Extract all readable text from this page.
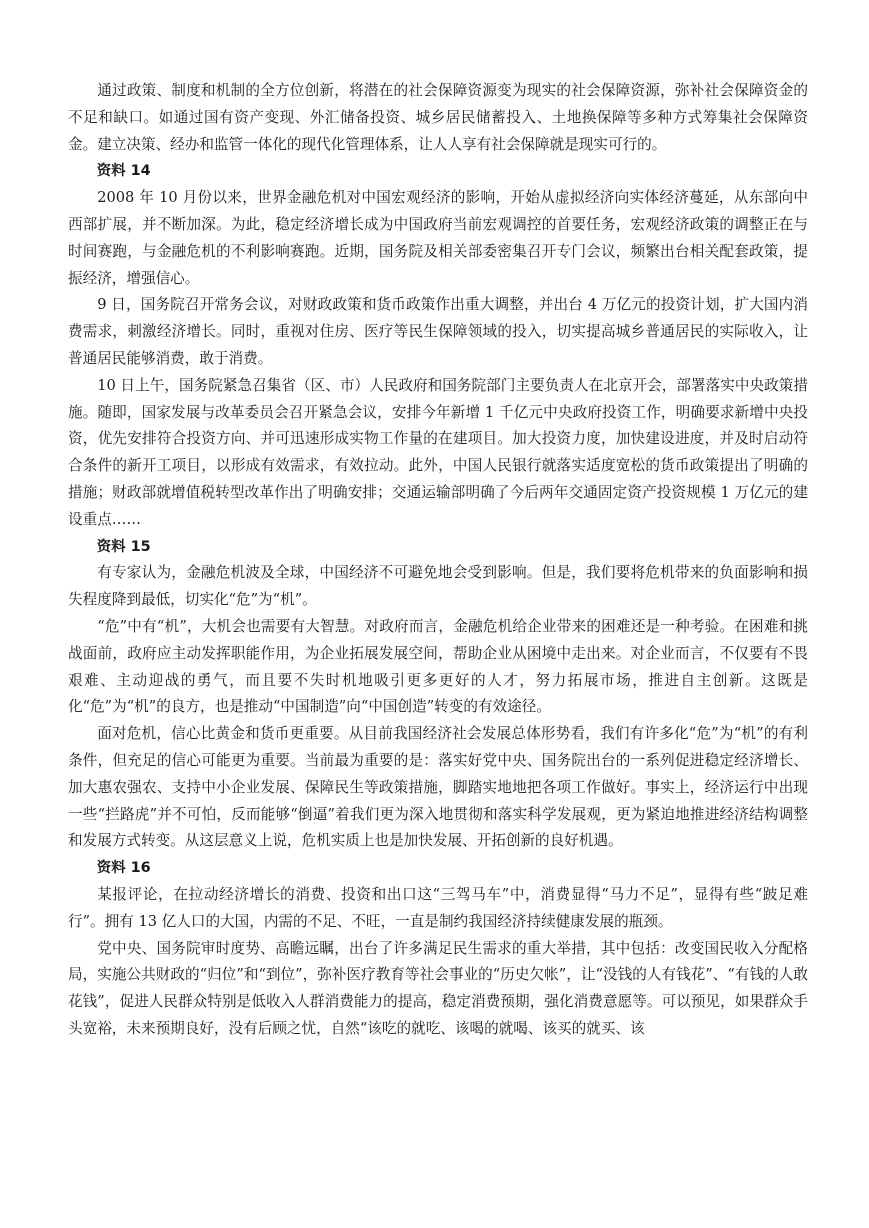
通过政策、制度和机制的全方位创新，将潜在的社会保障资源变为现实的社会保障资源，弥补社会保障资金的不足和缺口。如通过国有资产变现、外汇储备投资、城乡居民储蓄投入、土地换保障等多种方式筹集社会保障资金。建立决策、经办和监管一体化的现代化管理体系，让人人享有社会保障就是现实可行的。

资料 14

2008 年 10 月份以来，世界金融危机对中国宏观经济的影响，开始从虚拟经济向实体经济蔓延，从东部向中西部扩展，并不断加深。为此，稳定经济增长成为中国政府当前宏观调控的首要任务，宏观经济政策的调整正在与时间赛跑，与金融危机的不利影响赛跑。近期，国务院及相关部委密集召开专门会议，频繁出台相关配套政策，提振经济，增强信心。

9 日，国务院召开常务会议，对财政政策和货币政策作出重大调整，并出台 4 万亿元的投资计划，扩大国内消费需求，刺激经济增长。同时，重视对住房、医疗等民生保障领域的投入，切实提高城乡普通居民的实际收入，让普通居民能够消费，敢于消费。

10 日上午，国务院紧急召集省（区、市）人民政府和国务院部门主要负责人在北京开会，部署落实中央政策措施。随即，国家发展与改革委员会召开紧急会议，安排今年新增 1 千亿元中央政府投资工作，明确要求新增中央投资，优先安排符合投资方向、并可迅速形成实物工作量的在建项目。加大投资力度，加快建设进度，并及时启动符合条件的新开工项目，以形成有效需求，有效拉动。此外，中国人民银行就落实适度宽松的货币政策提出了明确的措施；财政部就增值税转型改革作出了明确安排；交通运输部明确了今后两年交通固定资产投资规模 1 万亿元的建设重点……

资料 15

有专家认为，金融危机波及全球，中国经济不可避免地会受到影响。但是，我们要将危机带来的负面影响和损失程度降到最低，切实化“危”为“机”。

“危”中有“机”，大机会也需要有大智慧。对政府而言，金融危机给企业带来的困难还是一种考验。在困难和挑战面前，政府应主动发挥职能作用，为企业拓展发展空间，帮助企业从困境中走出来。对企业而言，不仅要有不畏艰难、主动迎战的勇气，而且要不失时机地吸引更多更好的人才，努力拓展市场，推进自主创新。这既是化“危”为“机”的良方，也是推动“中国制造”向“中国创造”转变的有效途径。

面对危机，信心比黄金和货币更重要。从目前我国经济社会发展总体形势看，我们有许多化“危”为“机”的有利条件，但充足的信心可能更为重要。当前最为重要的是：落实好党中央、国务院出台的一系列促进稳定经济增长、加大惠农强农、支持中小企业发展、保障民生等政策措施，脚踏实地地把各项工作做好。事实上，经济运行中出现一些“拦路虎”并不可怕，反而能够“倒逼”着我们更为深入地贯彻和落实科学发展观，更为紧迫地推进经济结构调整和发展方式转变。从这层意义上说，危机实质上也是加快发展、开拓创新的良好机遇。

资料 16

某报评论，在拉动经济增长的消费、投资和出口这“三驾马车”中，消费显得“马力不足”，显得有些“跛足难行”。拥有 13 亿人口的大国，内需的不足、不旺，一直是制约我国经济持续健康发展的瓶颈。

党中央、国务院审时度势、高瞻远瞩，出台了许多满足民生需求的重大举措，其中包括：改变国民收入分配格局，实施公共财政的“归位”和“到位”，弥补医疗教育等社会事业的“历史欠帐”，让“没钱的人有钱花”、“有钱的人敢花钱”，促进人民群众特别是低收入人群消费能力的提高，稳定消费预期，强化消费意愿等。可以预见，如果群众手头宽裕，未来预期良好，没有后顾之忧，自然“该吃的就吃、该喝的就喝、该买的就买、该
